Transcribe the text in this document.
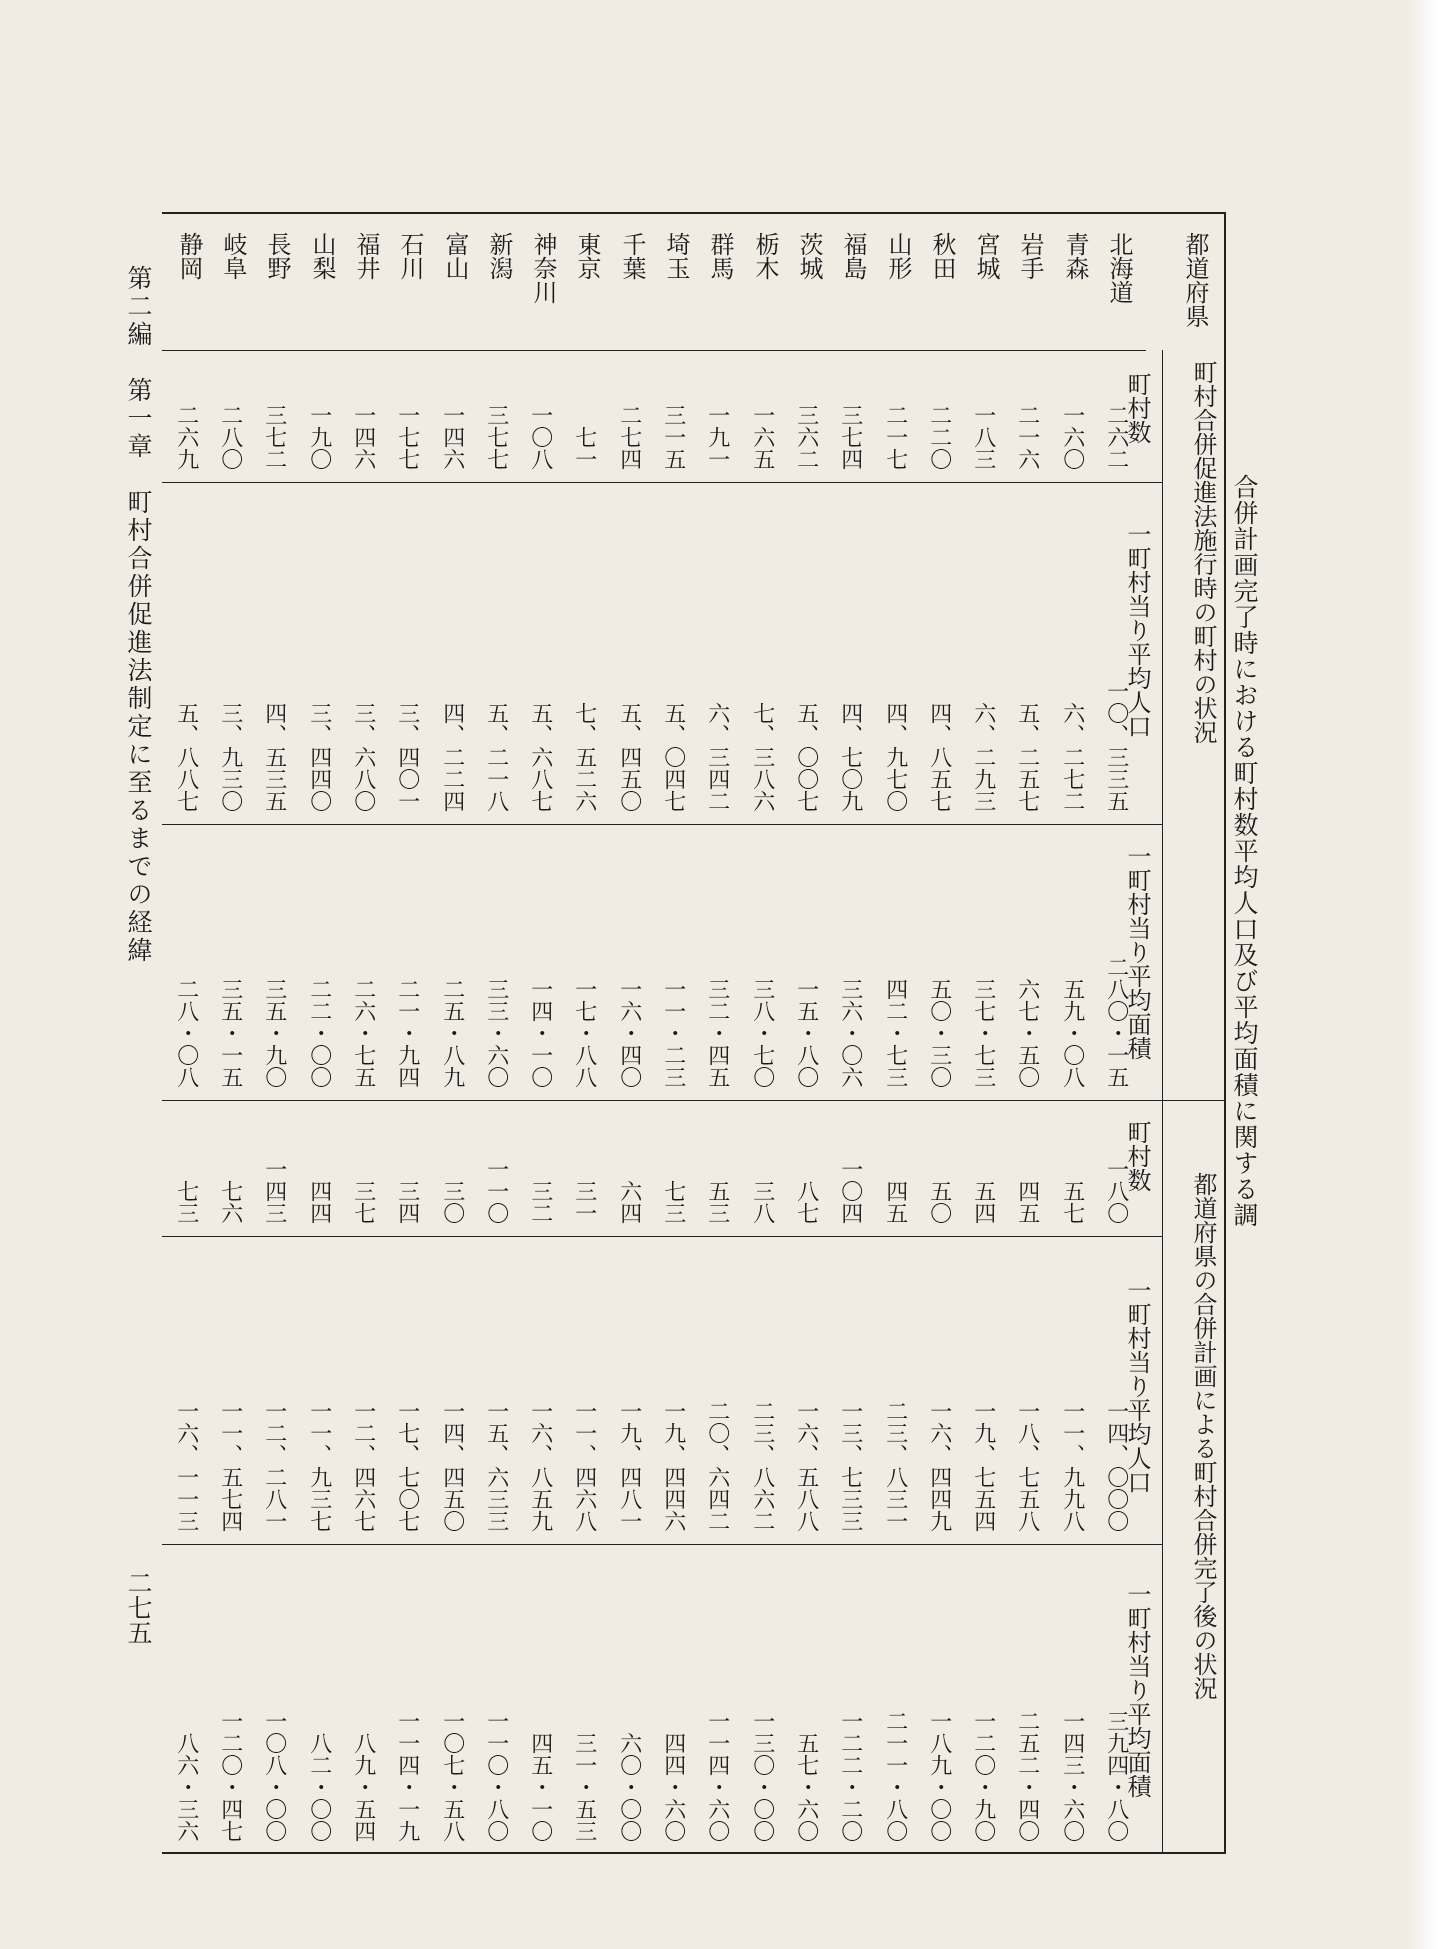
合併計画完了時における町村数平均人口及び平均面積に関する調
第二編　第一章　町村合併促進法制定に至るまでの経緯
二七五
都道府県
町村合併促進法施行時の町村の状況
都道府県の合併計画による町村合併完了後の状況
町村数
一町村当り平均人口
一町村当り平均面積
町村数
一町村当り平均人口
一町村当り平均面積
北海道
二六二
一〇、三三五
二八〇・一五
一八〇
一四、〇〇〇
三九四・八〇
青森
一六〇
六、二七二
五九・〇八
五七
一一、九九八
一四三・六〇
岩手
二一六
五、二五七
六七・五〇
四五
一八、七五八
二五二・四〇
宮城
一八三
六、二九三
三七・七三
五四
一九、七五四
一二〇・九〇
秋田
二二〇
四、八五七
五〇・三〇
五〇
一六、四四九
一八九・〇〇
山形
二一七
四、九七〇
四二・七三
四五
二三、八三一
二一一・八〇
福島
三七四
四、七〇九
三六・〇六
一〇四
一三、七三三
一二二・二〇
茨城
三六二
五、〇〇七
一五・八〇
八七
一六、五八八
五七・六〇
栃木
一六五
七、三八六
三八・七〇
三八
二三、八六二
一三〇・〇〇
群馬
一九一
六、三四二
三二・四五
五三
二〇、六四二
一一四・六〇
埼玉
三一五
五、〇四七
一一・二三
七三
一九、四四六
四四・六〇
千葉
二七四
五、四五〇
一六・四〇
六四
一九、四八一
六〇・〇〇
東京
七一
七、五二六
一七・八八
三一
一一、四六八
三一・五三
神奈川
一〇八
五、六八七
一四・一〇
三二
一六、八五九
四五・一〇
新潟
三七七
五、二一八
三三・六〇
一一〇
一五、六三三
一一〇・八〇
富山
一四六
四、二二四
二五・八九
三〇
一四、四五〇
一〇七・五八
石川
一七七
三、四〇一
二一・九四
三四
一七、七〇七
一一四・一九
福井
一四六
三、六八〇
二六・七五
三七
一二、四六七
八九・五四
山梨
一九〇
三、四四〇
二二・〇〇
四四
一一、九三七
八二・〇〇
長野
三七二
四、五三五
三五・九〇
一四三
一二、二八一
一〇八・〇〇
岐阜
二八〇
三、九三〇
三五・一五
七六
一一、五七四
一二〇・四七
静岡
二六九
五、八八七
二八・〇八
七三
一六、一一三
八六・三六
